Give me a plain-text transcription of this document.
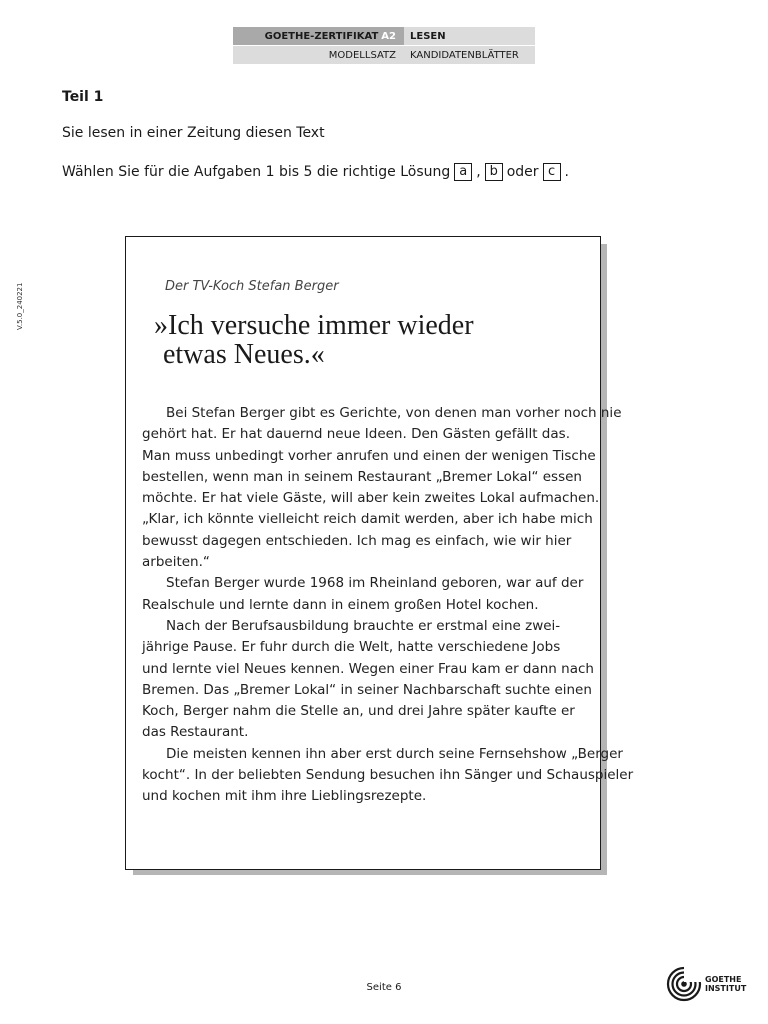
GOETHE-ZERTIFIKAT A2 LESEN
MODELLSATZ KANDIDATENBLÄTTER
V.5.0_240221
Teil 1
Sie lesen in einer Zeitung diesen Text
Wählen Sie für die Aufgaben 1 bis 5 die richtige Lösung a , b oder c .
Der TV-Koch Stefan Berger
»Ich versuche immer wieder
etwas Neues.«
Bei Stefan Berger gibt es Gerichte, von denen man vorher noch nie
gehört hat. Er hat dauernd neue Ideen. Den Gästen gefällt das.
Man muss unbedingt vorher anrufen und einen der wenigen Tische
bestellen, wenn man in seinem Restaurant „Bremer Lokal“ essen
möchte. Er hat viele Gäste, will aber kein zweites Lokal aufmachen.
„Klar, ich könnte vielleicht reich damit werden, aber ich habe mich
bewusst dagegen entschieden. Ich mag es einfach, wie wir hier
arbeiten.“
Stefan Berger wurde 1968 im Rheinland geboren, war auf der
Realschule und lernte dann in einem großen Hotel kochen.
Nach der Berufsausbildung brauchte er erstmal eine zwei-
jährige Pause. Er fuhr durch die Welt, hatte verschiedene Jobs
und lernte viel Neues kennen. Wegen einer Frau kam er dann nach
Bremen. Das „Bremer Lokal“ in seiner Nachbarschaft suchte einen
Koch, Berger nahm die Stelle an, und drei Jahre später kaufte er
das Restaurant.
Die meisten kennen ihn aber erst durch seine Fernsehshow „Berger
kocht“. In der beliebten Sendung besuchen ihn Sänger und Schauspieler
und kochen mit ihm ihre Lieblingsrezepte.
Seite 6
GOETHE
INSTITUT
